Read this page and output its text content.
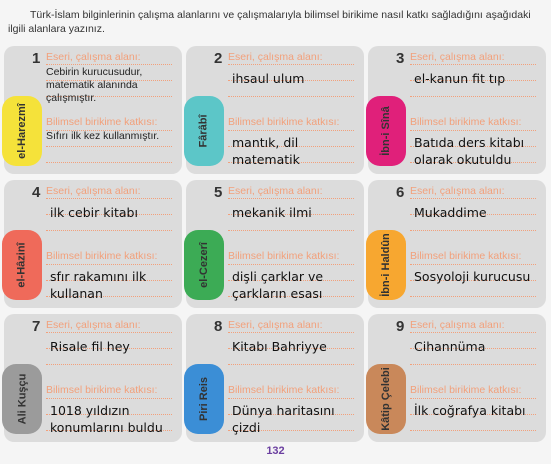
Türk-İslam bilginlerinin çalışma alanlarını ve çalışmalarıyla bilimsel birikime nasıl katkı sağladığını aşağıdaki ilgili alanlara yazınız.
1
el-Harezmî
Eseri, çalışma alanı:
Bilimsel birikime katkısı:
Cebirin kurucusudur, matematik alanında çalışmıştır.
Sıfırı ilk kez kullanmıştır.
2
Fârâbî
Eseri, çalışma alanı:
Bilimsel birikime katkısı:
ihsaul ulum
mantık, dil matematik
3
İbn-i Sînâ
Eseri, çalışma alanı:
Bilimsel birikime katkısı:
el-kanun fit tıp
Batıda ders kitabı olarak okutuldu
4
el-Hâzinî
Eseri, çalışma alanı:
Bilimsel birikime katkısı:
ilk cebir kitabı
sfır rakamını ilk kullanan
5
el-Cezerî
Eseri, çalışma alanı:
Bilimsel birikime katkısı:
mekanik ilmi
dişli çarklar ve çarkların esası
6
İbn-i Haldûn
Eseri, çalışma alanı:
Bilimsel birikime katkısı:
Mukaddime
Sosyoloji kurucusu
7
Ali Kuşçu
Eseri, çalışma alanı:
Bilimsel birikime katkısı:
Risale fil hey
1018 yıldızın konumlarını buldu
8
Piri Reis
Eseri, çalışma alanı:
Bilimsel birikime katkısı:
Kitabı Bahriyye
Dünya haritasını çizdi
9
Kâtip Çelebi
Eseri, çalışma alanı:
Bilimsel birikime katkısı:
Cihannüma
İlk coğrafya kitabı
132
